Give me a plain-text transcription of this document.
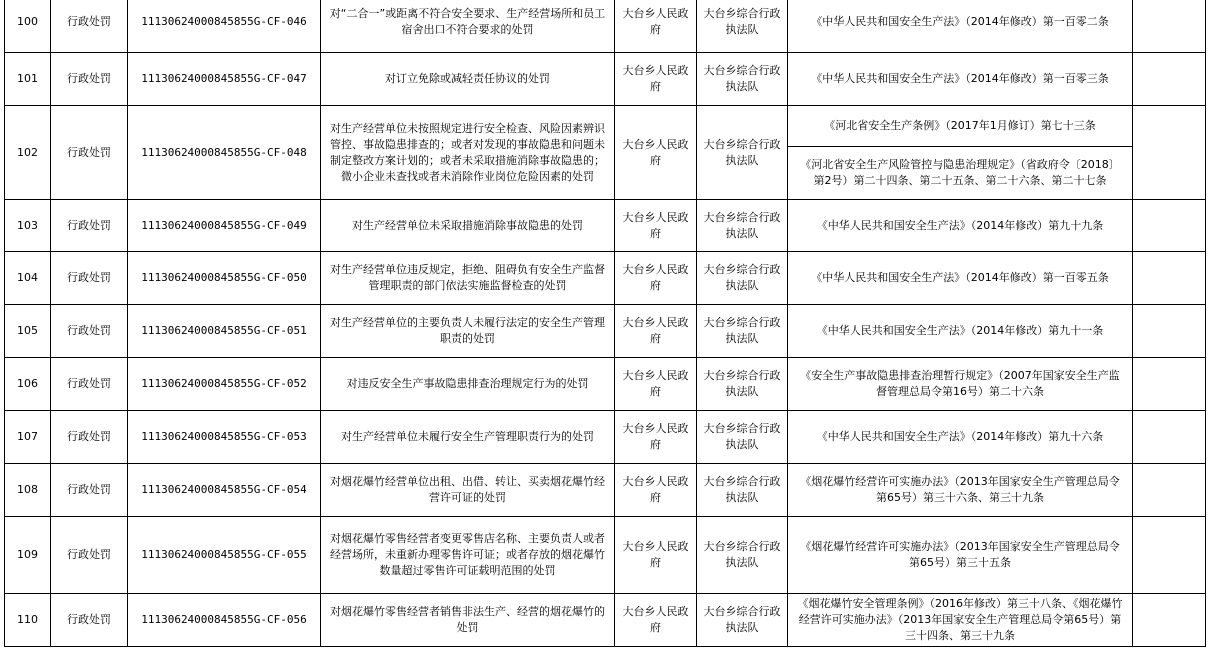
100	行政处罚	11130624000845855G-CF-046	对“二合一”或距离不符合安全要求、生产经营场所和员工宿舍出口不符合要求的处罚	大台乡人民政府	大台乡综合行政执法队	《中华人民共和国安全生产法》（2014年修改）第一百零二条	
101	行政处罚	11130624000845855G-CF-047	对订立免除或减轻责任协议的处罚	大台乡人民政府	大台乡综合行政执法队	《中华人民共和国安全生产法》（2014年修改）第一百零三条	
102	行政处罚	11130624000845855G-CF-048	对生产经营单位未按照规定进行安全检查、风险因素辨识管控、事故隐患排查的；或者对发现的事故隐患和问题未制定整改方案计划的；或者未采取措施消除事故隐患的；微小企业未查找或者未消除作业岗位危险因素的处罚	大台乡人民政府	大台乡综合行政执法队	《河北省安全生产条例》（2017年1月修订）第七十三条	
						《河北省安全生产风险管控与隐患治理规定》（省政府令〔2018〕第2号）第二十四条、第二十五条、第二十六条、第二十七条	
103	行政处罚	11130624000845855G-CF-049	对生产经营单位未采取措施消除事故隐患的处罚	大台乡人民政府	大台乡综合行政执法队	《中华人民共和国安全生产法》（2014年修改）第九十九条	
104	行政处罚	11130624000845855G-CF-050	对生产经营单位违反规定，拒绝、阻碍负有安全生产监督管理职责的部门依法实施监督检查的处罚	大台乡人民政府	大台乡综合行政执法队	《中华人民共和国安全生产法》（2014年修改）第一百零五条	
105	行政处罚	11130624000845855G-CF-051	对生产经营单位的主要负责人未履行法定的安全生产管理职责的处罚	大台乡人民政府	大台乡综合行政执法队	《中华人民共和国安全生产法》（2014年修改）第九十一条	
106	行政处罚	11130624000845855G-CF-052	对违反安全生产事故隐患排查治理规定行为的处罚	大台乡人民政府	大台乡综合行政执法队	《安全生产事故隐患排查治理暂行规定》（2007年国家安全生产监督管理总局令第16号）第二十六条	
107	行政处罚	11130624000845855G-CF-053	对生产经营单位未履行安全生产管理职责行为的处罚	大台乡人民政府	大台乡综合行政执法队	《中华人民共和国安全生产法》（2014年修改）第九十六条	
108	行政处罚	11130624000845855G-CF-054	对烟花爆竹经营单位出租、出借、转让、买卖烟花爆竹经营许可证的处罚	大台乡人民政府	大台乡综合行政执法队	《烟花爆竹经营许可实施办法》（2013年国家安全生产管理总局令第65号）第三十六条、第三十九条	
109	行政处罚	11130624000845855G-CF-055	对烟花爆竹零售经营者变更零售店名称、主要负责人或者经营场所，未重新办理零售许可证；或者存放的烟花爆竹数量超过零售许可证载明范围的处罚	大台乡人民政府	大台乡综合行政执法队	《烟花爆竹经营许可实施办法》（2013年国家安全生产管理总局令第65号）第三十五条	
110	行政处罚	11130624000845855G-CF-056	对烟花爆竹零售经营者销售非法生产、经营的烟花爆竹的处罚	大台乡人民政府	大台乡综合行政执法队	《烟花爆竹安全管理条例》（2016年修改）第三十八条、《烟花爆竹经营许可实施办法》（2013年国家安全生产管理总局令第65号）第三十四条、第三十九条	
